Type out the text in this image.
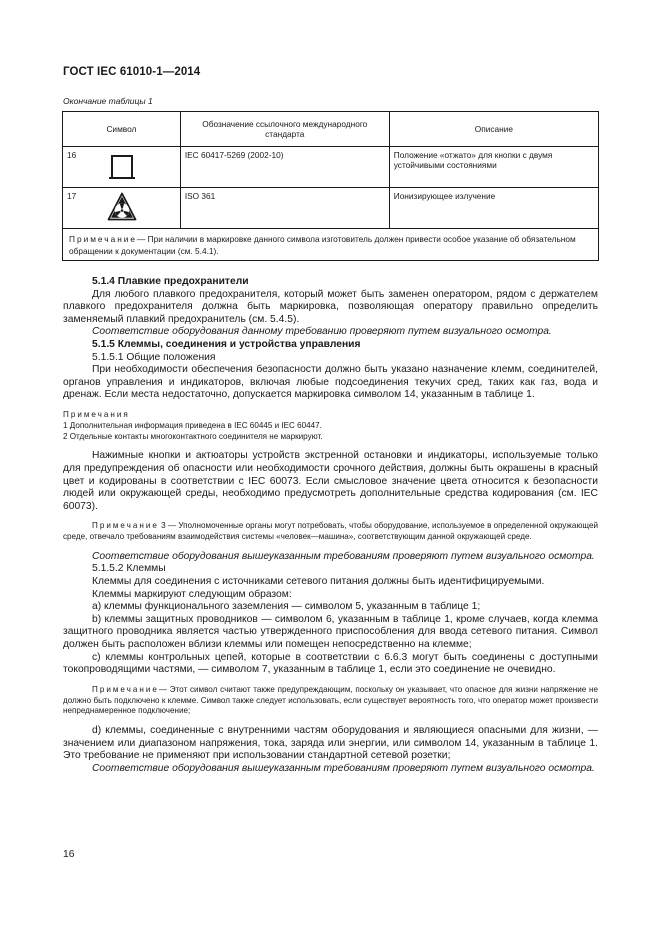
ГОСТ IEC 61010-1—2014
Окончание таблицы 1
Символ	Обозначение ссылочного международного стандарта	Описание

16	IEC 60417-5269 (2002-10)	Положение «отжато» для кнопки с двумя устойчивыми состояниями

17	ISO 361	Ионизирующее излучение
Примечание— При наличии в маркировке данного символа изготовитель должен привести особое указание об обязательном обращении к документации (см. 5.4.1).		

5.1.4 Плавкие предохранители

Для любого плавкого предохранителя, который может быть заменен оператором, рядом с держателем плавкого предохранителя должна быть маркировка, позволяющая оператору правильно определить заменяемый плавкий предохранитель (см. 5.4.5).

Соответствие оборудования данному требованию проверяют путем визуального осмотра.

5.1.5 Клеммы, соединения и устройства управления

5.1.5.1 Общие положения

При необходимости обеспечения безопасности должно быть указано назначение клемм, соединителей, органов управления и индикаторов, включая любые подсоединения текучих сред, таких как газ, вода и дренаж. Если места недостаточно, допускается маркировка символом 14, указанным в таблице 1.

Примечания
1 Дополнительная информация приведена в IEC 60445 и IEC 60447.
2 Отдельные контакты многоконтактного соединителя не маркируют.

Нажимные кнопки и актюаторы устройств экстренной остановки и индикаторы, используемые только для предупреждения об опасности или необходимости срочного действия, должны быть окрашены в красный цвет и кодированы в соответствии с IEC 60073. Если смысловое значение цвета относится к безопасности людей или окружающей среды, необходимо предусмотреть дополнительные средства кодирования (см. IEC 60073).

Примечание 3 — Уполномоченные органы могут потребовать, чтобы оборудование, используемое в определенной окружающей среде, отвечало требованиям взаимодействия системы «человек—машина», соответствующим данной окружающей среде.

Соответствие оборудования вышеуказанным требованиям проверяют путем визуального осмотра.

5.1.5.2 Клеммы

Клеммы для соединения с источниками сетевого питания должны быть идентифицируемыми.

Клеммы маркируют следующим образом:

a) клеммы функционального заземления — символом 5, указанным в таблице 1;

b) клеммы защитных проводников — символом 6, указанным в таблице 1, кроме случаев, когда клемма защитного проводника является частью утвержденного приспособления для ввода сетевого питания. Символ должен быть расположен вблизи клеммы или помещен непосредственно на клемме;

c) клеммы контрольных цепей, которые в соответствии с 6.6.3 могут быть соединены с доступными токопроводящими частями, — символом 7, указанным в таблице 1, если это соединение не очевидно.

Примечание— Этот символ считают также предупреждающим, поскольку он указывает, что опасное для жизни напряжение не должно быть подключено к клемме. Символ также следует использовать, если существует вероятность того, что оператор может произвести непреднамеренное подключение;

d) клеммы, соединенные с внутренними частям оборудования и являющиеся опасными для жизни, — значением или диапазоном напряжения, тока, заряда или энергии, или символом 14, указанным в таблице 1. Это требование не применяют при использовании стандартной сетевой розетки;

Соответствие оборудования вышеуказанным требованиям проверяют путем визуального осмотра.

16
